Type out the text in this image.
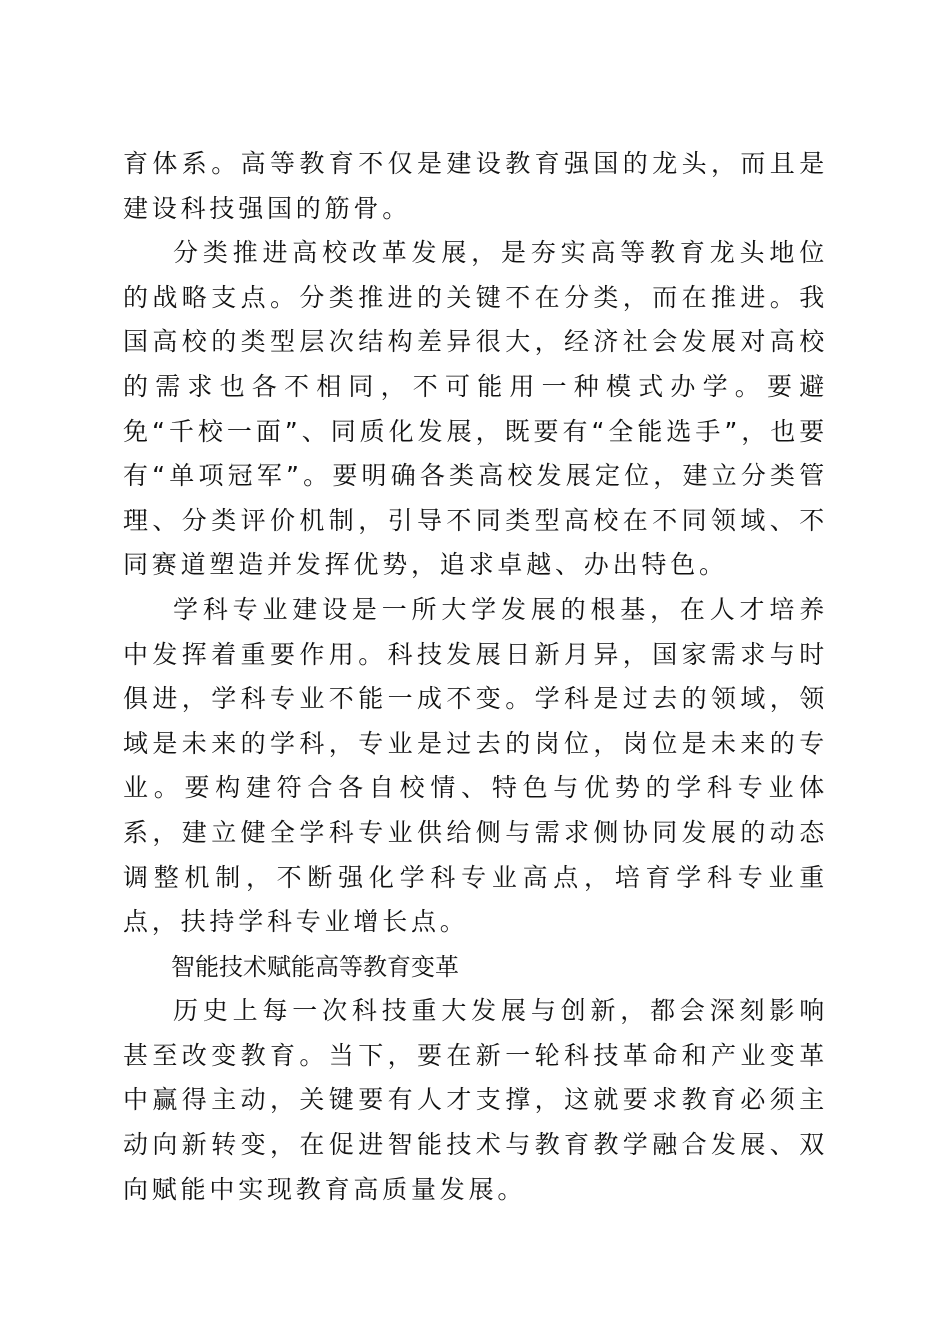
育体系。高等教育不仅是建设教育强国的龙头，而且是建设科技强国的筋骨。

分类推进高校改革发展，是夯实高等教育龙头地位的战略支点。分类推进的关键不在分类，而在推进。我国高校的类型层次结构差异很大，经济社会发展对高校的需求也各不相同，不可能用一种模式办学。要避免“千校一面”、同质化发展，既要有“全能选手”，也要有“单项冠军”。要明确各类高校发展定位，建立分类管理、分类评价机制，引导不同类型高校在不同领域、不同赛道塑造并发挥优势，追求卓越、办出特色。

学科专业建设是一所大学发展的根基，在人才培养中发挥着重要作用。科技发展日新月异，国家需求与时俱进，学科专业不能一成不变。学科是过去的领域，领域是未来的学科，专业是过去的岗位，岗位是未来的专业。要构建符合各自校情、特色与优势的学科专业体系，建立健全学科专业供给侧与需求侧协同发展的动态调整机制，不断强化学科专业高点，培育学科专业重点，扶持学科专业增长点。

智能技术赋能高等教育变革

历史上每一次科技重大发展与创新，都会深刻影响甚至改变教育。当下，要在新一轮科技革命和产业变革中赢得主动，关键要有人才支撑，这就要求教育必须主动向新转变，在促进智能技术与教育教学融合发展、双向赋能中实现教育高质量发展。
